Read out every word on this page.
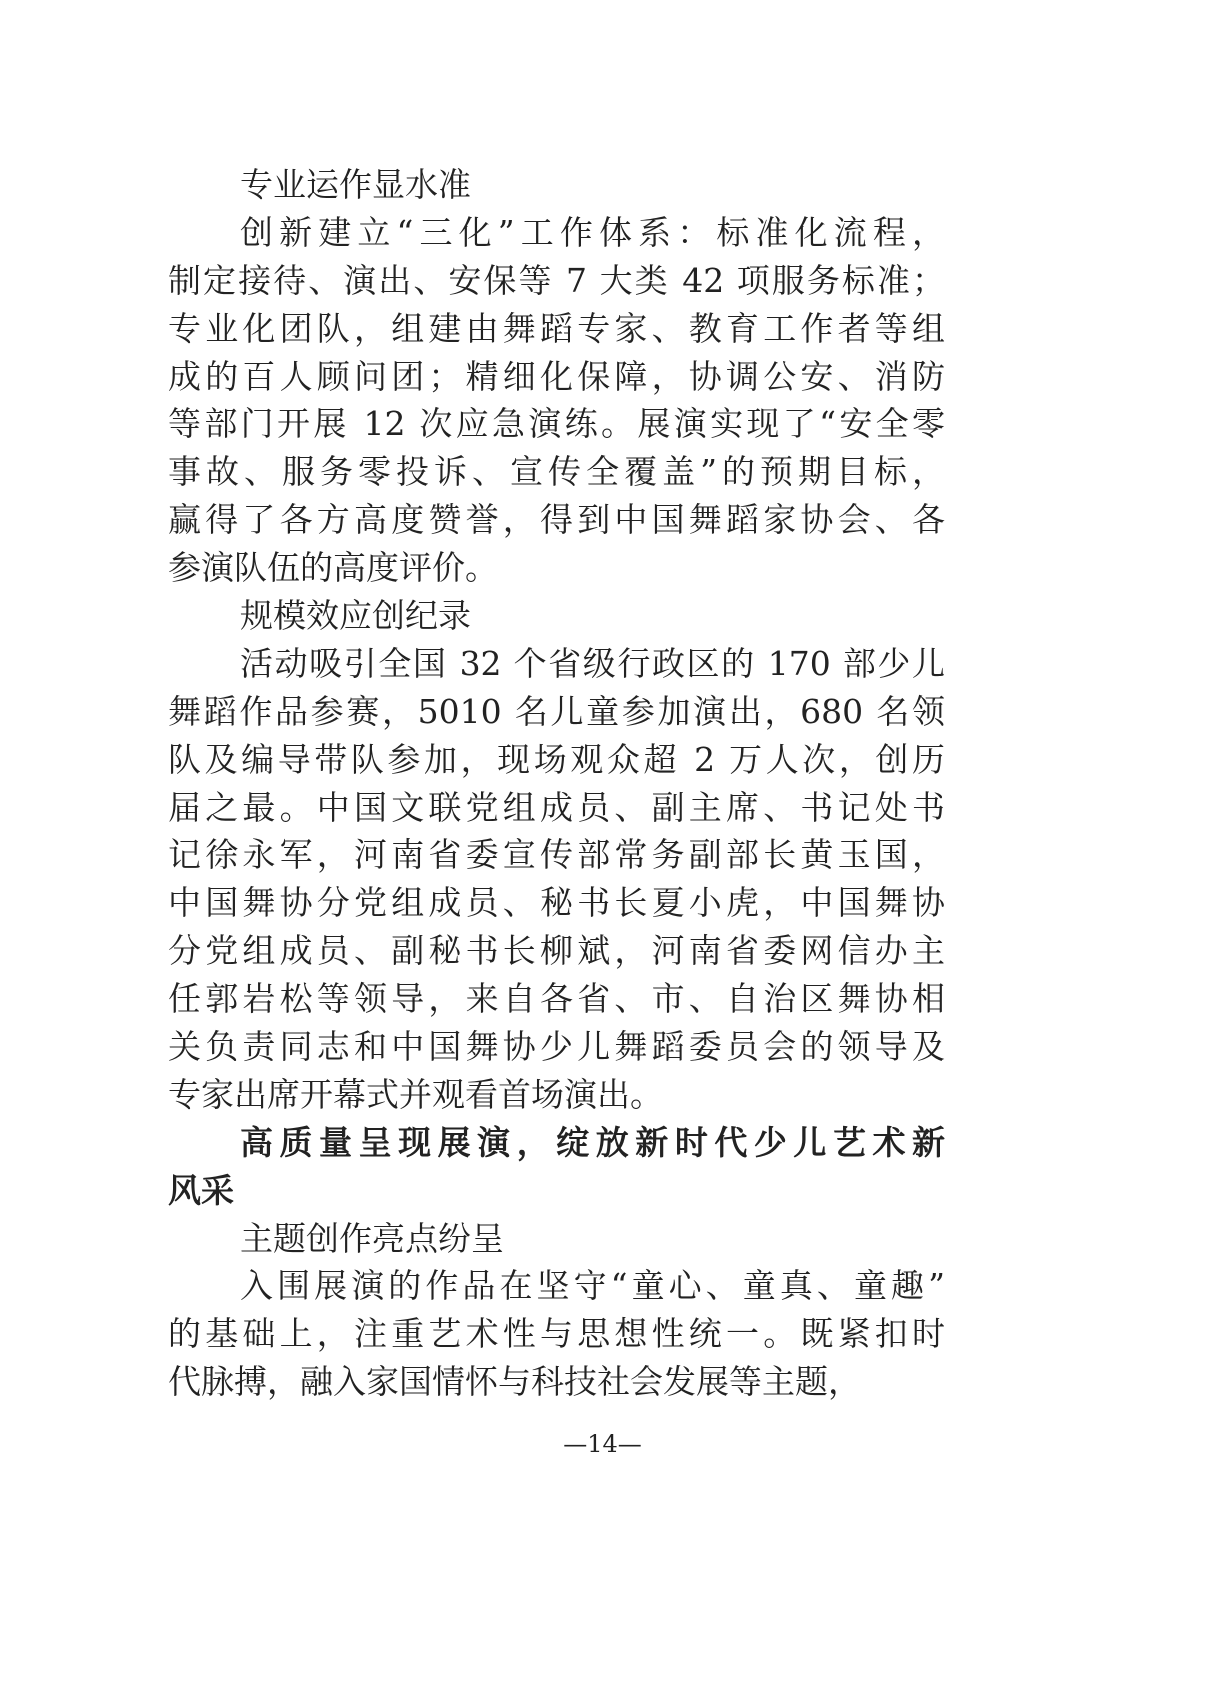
专业运作显水准
创新建立“三化”工作体系：标准化流程，
制定接待、演出、安保等 7 大类 42 项服务标准；
专业化团队，组建由舞蹈专家、教育工作者等组
成的百人顾问团；精细化保障，协调公安、消防
等部门开展 12 次应急演练。展演实现了“安全零
事故、服务零投诉、宣传全覆盖”的预期目标，
赢得了各方高度赞誉，得到中国舞蹈家协会、各
参演队伍的高度评价。
规模效应创纪录
活动吸引全国 32 个省级行政区的 170 部少儿
舞蹈作品参赛，5010 名儿童参加演出，680 名领
队及编导带队参加，现场观众超 2 万人次，创历
届之最。中国文联党组成员、副主席、书记处书
记徐永军，河南省委宣传部常务副部长黄玉国，
中国舞协分党组成员、秘书长夏小虎，中国舞协
分党组成员、副秘书长柳斌，河南省委网信办主
任郭岩松等领导，来自各省、市、自治区舞协相
关负责同志和中国舞协少儿舞蹈委员会的领导及
专家出席开幕式并观看首场演出。
高质量呈现展演，绽放新时代少儿艺术新
风采
主题创作亮点纷呈
入围展演的作品在坚守“童心、童真、童趣”
的基础上，注重艺术性与思想性统一。既紧扣时
代脉搏，融入家国情怀与科技社会发展等主题，
—14—
